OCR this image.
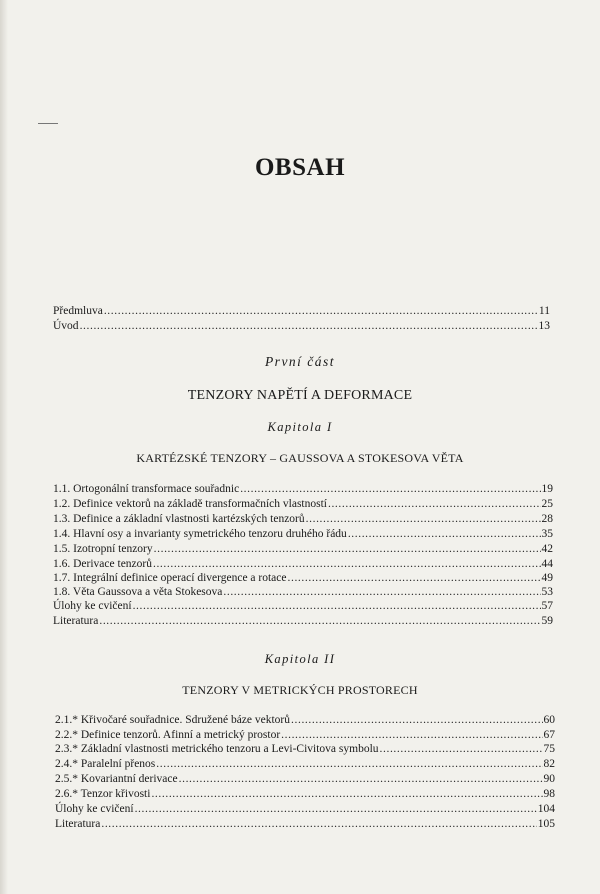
OBSAH
Předmluva .....	11
Úvod .....	13
První část
TENZORY NAPĚTÍ A DEFORMACE
Kapitola I
KARTÉZSKÉ TENZORY – GAUSSOVA A STOKESOVA VĚTA
1.1. Ortogonální transformace souřadnic .....	19
1.2. Definice vektorů na základě transformačních vlastností .....	25
1.3. Definice a základní vlastnosti kartézských tenzorů .....	28
1.4. Hlavní osy a invarianty symetrického tenzoru druhého řádu .....	35
1.5. Izotropní tenzory .....	42
1.6. Derivace tenzorů .....	44
1.7. Integrální definice operací divergence a rotace .....	49
1.8. Věta Gaussova a věta Stokesova .....	53
Úlohy ke cvičení .....	57
Literatura .....	59
Kapitola II
TENZORY V METRICKÝCH PROSTORECH
2.1.* Křivočaré souřadnice. Sdružené báze vektorů .....	60
2.2.* Definice tenzorů. Afinní a metrický prostor .....	67
2.3.* Základní vlastnosti metrického tenzoru a Levi-Civitova symbolu .....	75
2.4.* Paralelní přenos .....	82
2.5.* Kovariantní derivace .....	90
2.6.* Tenzor křivosti .....	98
Úlohy ke cvičení .....	104
Literatura .....	105
